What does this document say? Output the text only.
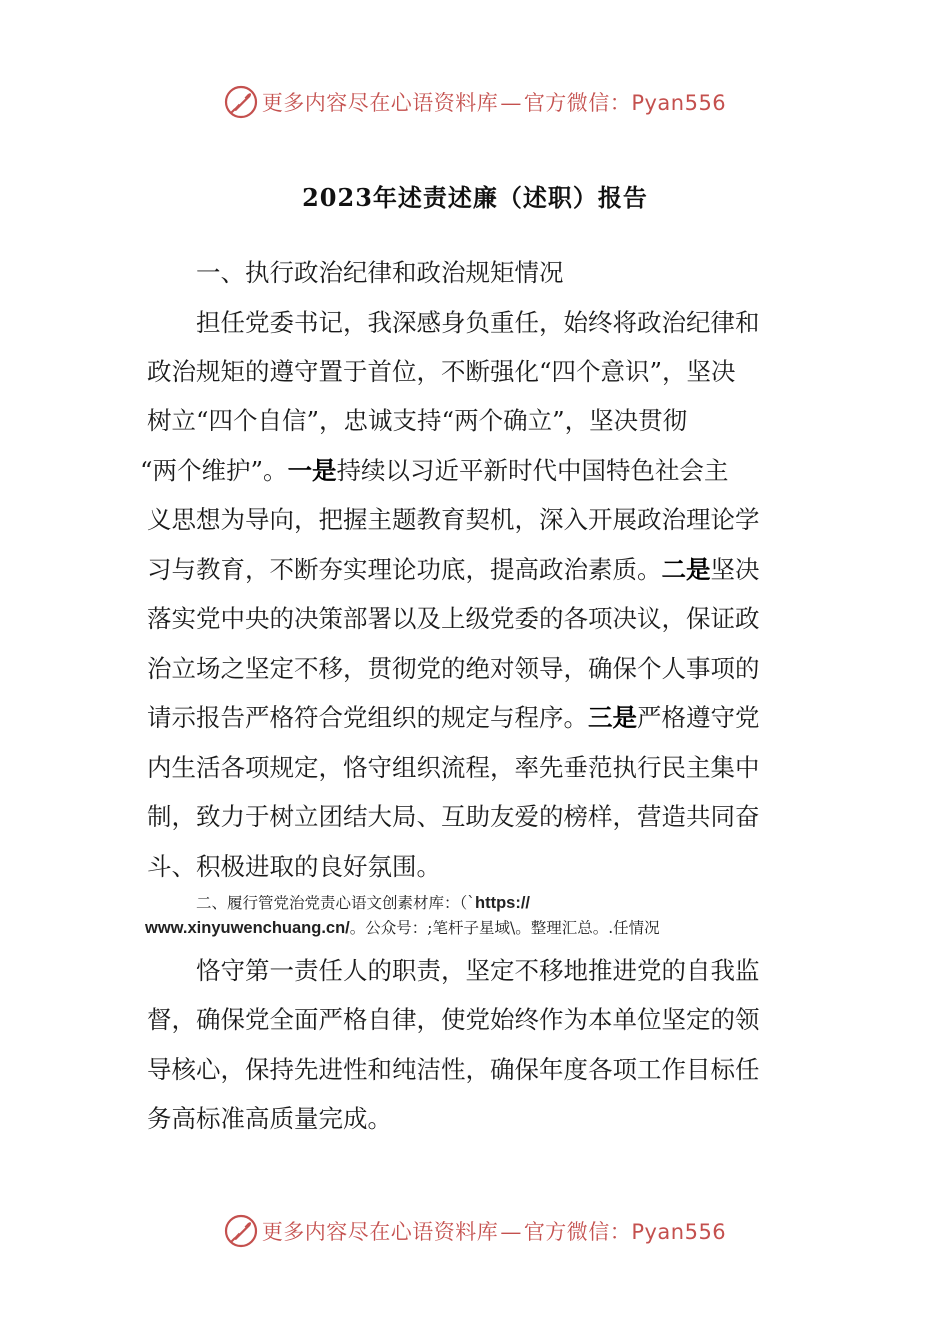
更多内容尽在心语资料库—官方微信：Pyan556
2023年述责述廉（述职）报告
一、执行政治纪律和政治规矩情况
担任党委书记，我深感身负重任，始终将政治纪律和
政治规矩的遵守置于首位，不断强化“四个意识”，坚决
树立“四个自信”，忠诚支持“两个确立”，坚决贯彻
“两个维护”。一是持续以习近平新时代中国特色社会主
义思想为导向，把握主题教育契机，深入开展政治理论学
习与教育，不断夯实理论功底，提高政治素质。二是坚决
落实党中央的决策部署以及上级党委的各项决议，保证政
治立场之坚定不移，贯彻党的绝对领导，确保个人事项的
请示报告严格符合党组织的规定与程序。三是严格遵守党
内生活各项规定，恪守组织流程，率先垂范执行民主集中
制，致力于树立团结大局、互助友爱的榜样，营造共同奋
斗、积极进取的良好氛围。
二、履行管党治党责心语文创素材库：（`https://
www.xinyuwenchuang.cn/。公众号：;笔杆子星域\。整理汇总。.任情况
恪守第一责任人的职责，坚定不移地推进党的自我监
督，确保党全面严格自律，使党始终作为本单位坚定的领
导核心，保持先进性和纯洁性，确保年度各项工作目标任
务高标准高质量完成。
更多内容尽在心语资料库—官方微信：Pyan556
